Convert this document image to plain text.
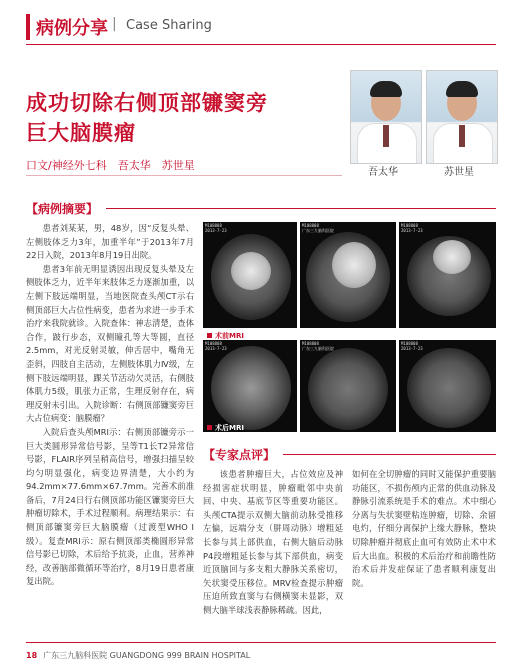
病例分享 | Case Sharing
成功切除右侧顶部镰窦旁
巨大脑膜瘤
口文/神经外七科　吾太华　苏世星
吾太华	苏世星
【病例摘要】

患者刘某某，男，48岁，因“反复头晕、左侧肢体乏力3年，加重半年”于2013年7月22日入院，2013年8月19日出院。

患者3年前无明显诱因出现反复头晕及左侧肢体乏力，近半年来肢体乏力逐渐加重，以左侧下肢远端明显，当地医院查头颅CT示右侧顶部巨大占位性病变，患者为求进一步手术治疗来我院就诊。入院查体：神志清楚，查体合作，跛行步态，双侧瞳孔等大等圆，直径2.5mm，对光反射灵敏，伸舌居中，嘴角无歪斜，四肢自主活动，左侧肢体肌力Ⅳ级，左侧下肢远端明显，踝关节活动欠灵活，右侧肢体肌力5级，肌张力正常，生理反射存在，病理反射未引出。入院诊断：右侧顶部镰窦旁巨大占位病变：脑膜瘤？

入院后查头颅MRI示：右侧顶部镰旁示一巨大类圆形异常信号影，呈等T1长T2异常信号影，FLAIR序列呈稍高信号，增强扫描呈较均匀明显强化，病变边界清楚，大小约为94.2mm×77.6mm×67.7mm。完善术前准备后，7月24日行右侧顶部功能区镰窦旁巨大肿瘤切除术，手术过程顺利。病理结果示：右侧顶部镰窦旁巨大脑膜瘤（过渡型WHO I级）。复查MRI示：原右侧顶部类椭圆形异常信号影已切除，术后给予抗炎，止血，营养神经，改善脑部微循环等治疗，8月19日患者康复出院。

M108808
2013-7-23
M108808
广东三九脑科医院
M108808
2013-7-23
术前MRI
M108808
2013-7-23
M108808
广东三九脑科医院
M108808
2013-7-23
术后MRI
【专家点评】

该患者肿瘤巨大，占位效应及神经损害症状明显，肿瘤毗邻中央前回、中央、基底节区等重要功能区。头颅CTA提示双侧大脑前动脉受推移左偏，远端分支（胼周动脉）增粗延长参与其上部供血，右侧大脑后动脉P4段增粗延长参与其下部供血，病变近顶脑回与多支粗大静脉关系密切，矢状窦受压移位。MRV检查提示肿瘤压迫所致直窦与右侧横窦未显影，双侧大脑半球浅表静脉稀疏。因此，

如何在全切肿瘤的同时又能保护重要脑功能区，不损伤颅内正常的供血动脉及静脉引流系统是手术的难点。术中细心分离与失状窦壁粘连肿瘤，切除、余留电灼，仔细分离保护上缘大静脉，整块切除肿瘤并彻底止血可有效防止术中术后大出血。积极的术后治疗和前瞻性防治术后并发症保证了患者顺利康复出院。

18 广东三九脑科医院 GUANGDONG 999 BRAIN HOSPITAL
